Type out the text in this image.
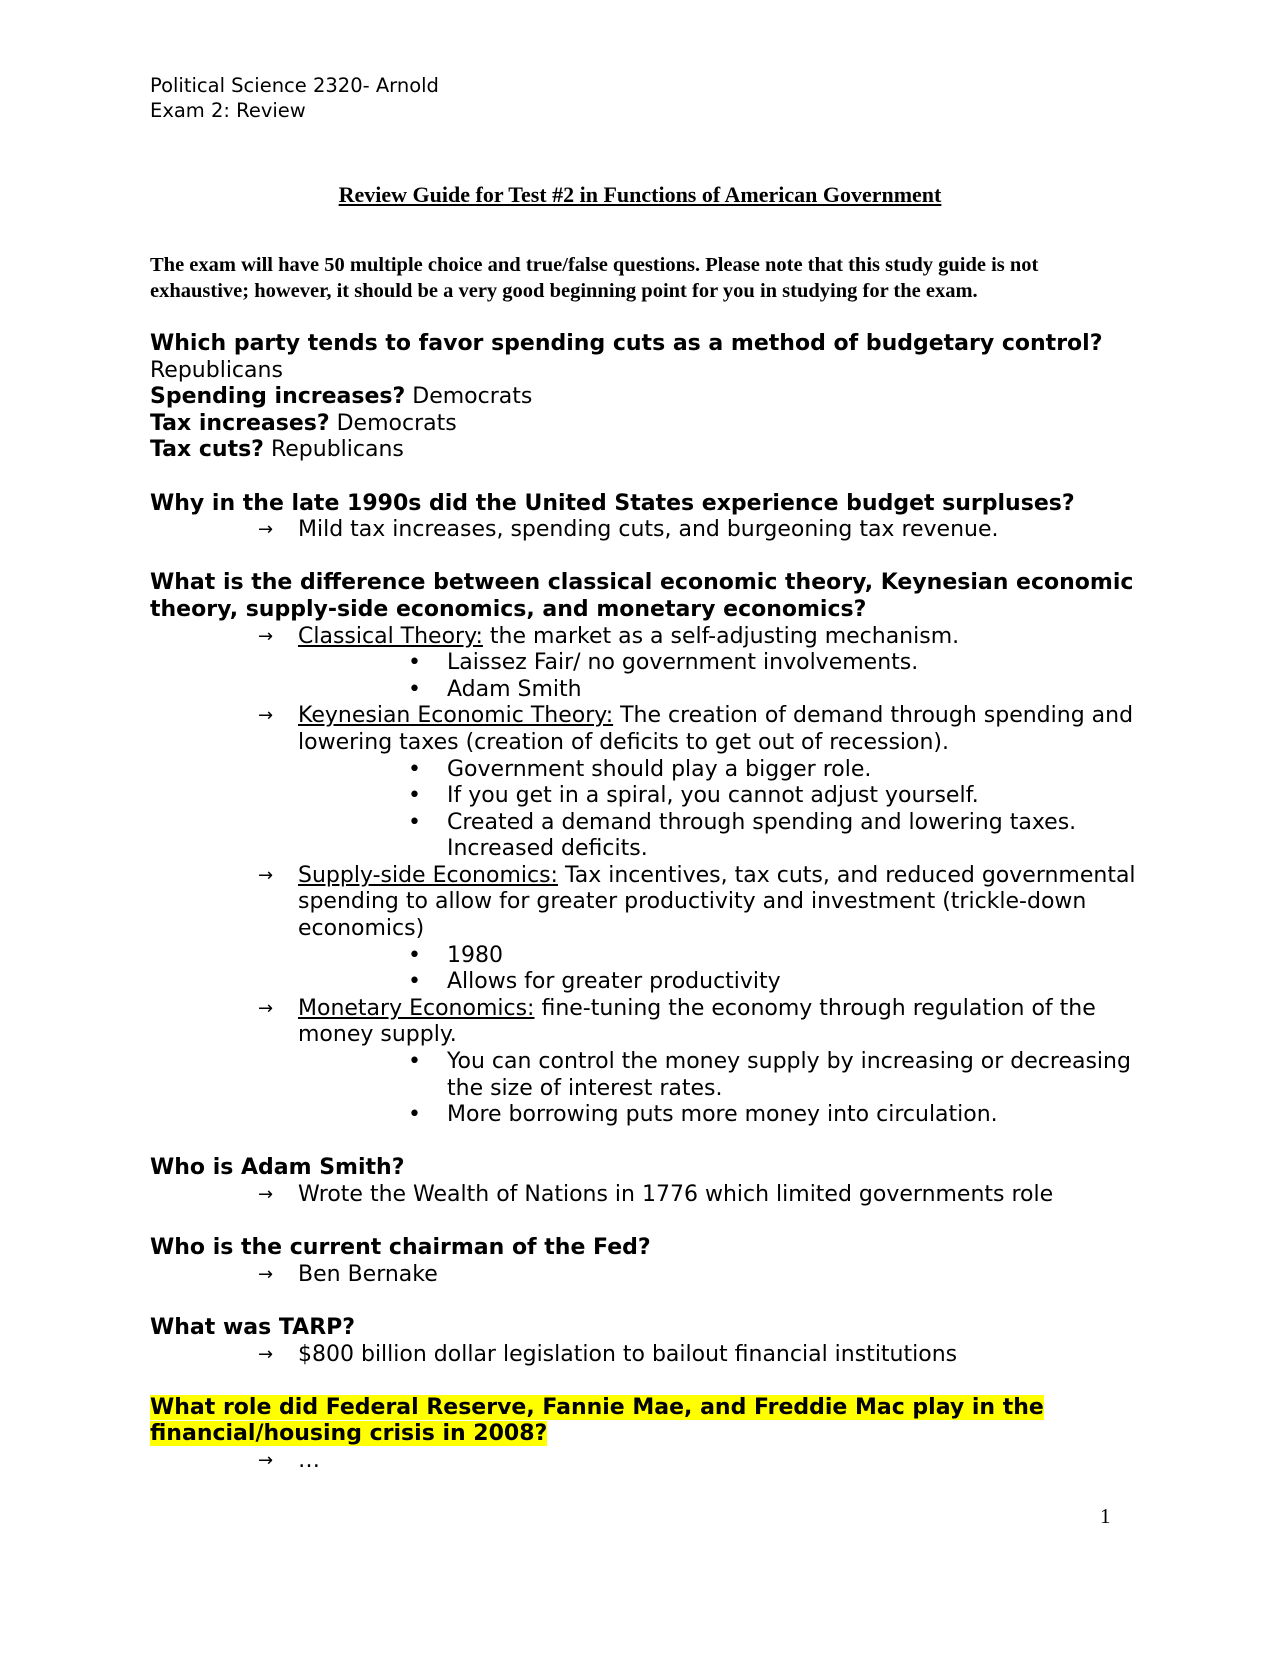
Political Science 2320- Arnold
Exam 2: Review
Review Guide for Test #2 in Functions of American Government
The exam will have 50 multiple choice and true/false questions. Please note that this study guide is not exhaustive; however, it should be a very good beginning point for you in studying for the exam.

Which party tends to favor spending cuts as a method of budgetary control? Republicans

Spending increases? Democrats

Tax increases? Democrats

Tax cuts? Republicans

Why in the late 1990s did the United States experience budget surpluses?

→ Mild tax increases, spending cuts, and burgeoning tax revenue.

What is the difference between classical economic theory, Keynesian economic theory, supply-side economics, and monetary economics?

→ Classical Theory: the market as a self-adjusting mechanism.

• Laissez Fair/ no government involvements.

• Adam Smith

→ Keynesian Economic Theory: The creation of demand through spending and lowering taxes (creation of deficits to get out of recession).

• Government should play a bigger role.

• If you get in a spiral, you cannot adjust yourself.

• Created a demand through spending and lowering taxes. Increased deficits.

→ Supply-side Economics: Tax incentives, tax cuts, and reduced governmental spending to allow for greater productivity and investment (trickle-down economics)

• 1980

• Allows for greater productivity

→ Monetary Economics: fine-tuning the economy through regulation of the money supply.

• You can control the money supply by increasing or decreasing the size of interest rates.

• More borrowing puts more money into circulation.

Who is Adam Smith?

→ Wrote the Wealth of Nations in 1776 which limited governments role

Who is the current chairman of the Fed?

→ Ben Bernake

What was TARP?

→ $800 billion dollar legislation to bailout financial institutions

What role did Federal Reserve, Fannie Mae, and Freddie Mac play in the financial/housing crisis in 2008?

→ …

1
